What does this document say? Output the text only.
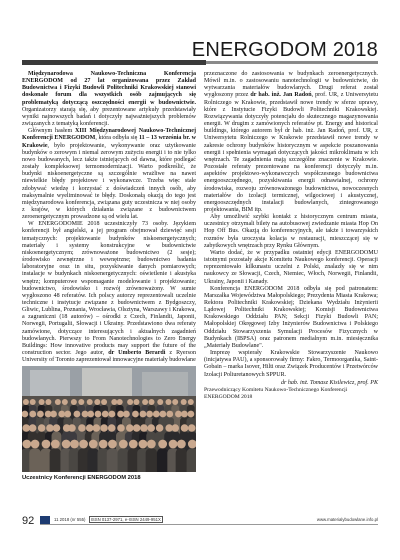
ENERGODOM 2018

Międzynarodowa Naukowo-Techniczna Konferencja ENERGODOM od 27 lat organizowana przez Zakład Budownictwa i Fizyki Budowli Politechniki Krakowskiej stanowi doskonałe forum dla wszystkich osób zajmujących się problematyką dotyczącą oszczędności energii w budownictwie. Organizatorzy starają się, aby prezentowane artykuły przedstawiały wyniki najnowszych badań i dotyczyły najważniejszych problemów związanych z tematyką konferencji.

Głównym hasłem XIII Międzynarodowej Naukowo-Technicznej Konferencji ENERGODOM, która odbyła się 11 – 13 września br. w Krakowie, było projektowanie, wykonywanie oraz użytkowanie budynków o zerowym i niemal zerowym zużyciu energii i to nie tylko nowo budowanych, lecz także istniejących od dawna, które podlegać zostały kompleksowej termomodernizacji. Warto podkreślić, że budynki niskoenergetyczne są szczególnie wrażliwe na nawet niewielkie błędy projektowe i wykonawcze. Trzeba więc stale zdobywać wiedzę i korzystać z doświadczeń innych osób, aby maksymalnie wyeliminować te błędy. Doskonałą okazją do tego jest międzynarodowa konferencja, związana guty uczestnicza w niej osoby z krajów, w których działania związane z budownictwem zeroenergetycznym prowadzone są od wielu lat.

W ENERGODOMIE 2018 uczestniczyły 73 osoby. Językiem konferencji był angielski, a jej program obejmował dziewięć sesji tematycznych: projektowanie budynków niskoenergetycznych; materiały i systemy konstrukcyjne w budownictwie niskoenergetycznym; zrównoważone budownictwo (2 sesje); środowisko zewnętrzne i wewnętrzne; budownictwo badania laboratoryjne oraz in situ, pozyskiwanie danych pomiarowych; instalacje w budynkach niskoenergetycznych: oświetlenie i akustyka wnętrz; komputerowe wspomaganie modelowanie i projektowanie; budownictwo, środowisko i rozwój zrównoważony. W sumie wygłoszono 48 referatów. Ich polscy autorzy reprezentowali uczelnie techniczne i instytucje związane z budownictwem z Bydgoszczy, Gliwic, Lublina, Poznania, Wrocławia, Olsztyna, Warszawy i Krakowa, a zagraniczni (18 autorów) – ośrodki z Czech, Finlandii, Japonii, Norwegii, Portugalii, Słowacji i Ukrainy. Przedstawiono dwa referaty zamówione, dotyczące interesujących i aktualnych zagadnień budowlanych. Pierwszy to From Nanotechnologies to Zero Energy Buildings: How innovative products may support the future of the construction sector. Jego autor, dr Umberto Berardi z Ryerson University of Toronto zaprezentował innowacyjne materiały budowlane

Uczestnicy Konferencji ENERGODOM 2018

przeznaczone do zastosowania w budynkach zeroenergetycznych. Mówił m.in. o zastosowaniu nanotechnologii w budownictwie, do wytwarzania materiałów budowlanych. Drugi referat został wygłoszony przez dr hab. inż. Jan Radoń, prof. UR, z Uniwersytetu Rolniczego w Krakowie, przedstawił nowe trendy w sferze uprawy, które z Instytucie Fizyki Budowli Politechniki Krakowskiej. Rozwiązywania dotyczyły potencjału do skutecznego magazynowania energii. W drugim z zamówionych referatów pt. Energy and historical buildings, którego autorem był dr hab. inż. Jan Radoń, prof. UR, z Uniwersytetu Rolniczego w Krakowie przedstawił nowe trendy w zakresie ochrony budynków historycznym w aspekcie poszanowania energii i spełnienia wymagań dotyczących jakości mikroklimatu w ich wnętrzach. Te zagadnienia mają szczególne znaczenie w Krakowie. Pozostałe referaty prezentowane na konferencji dotyczyły m.in. aspektów projektowo-wykonawczych współczesnego budownictwa energooszczędnego, pozyskiwania energii odnawialnej, ochrony środowiska, rozwoju zrównoważonego budownictwa, nowoczesnych materiałów do izolacji termicznej, wilgociowej i akustycznej, energooszczędnych instalacji budowlanych, zintegrowanego projektowania, BIM itp.

Aby umożliwić szybki kontakt z historycznym centrum miasta, uczestnicy otrzymali bilety na autobusowej zwiedzanie miasta Hop On Hop Off Bus. Okazją do konferencyjnych, ale także i towarzyskich rozmów była uroczysta kolacja w restauracji, mieszczącej się w zabytkowych wnętrzach przy Rynku Głównym.

Warto dodać, że w przypadku ostatniej edycji ENERGODOMU istotnymi pozostały akcje Komitetu Naukowego konferencji. Operacji reprezentowało kilkunastu uczelni z Polski, znalazły się w nim naukowcy ze Słowacji, Czech, Niemiec, Włoch, Norwegii, Finlandii, Ukrainy, Japonii i Kanady.

Konferencja ENERGODOM 2018 odbyła się pod patronatem: Marszałka Województwa Małopolskiego; Prezydenta Miasta Krakowa; Rektora Politechniki Krakowskiej; Dziekana Wydziału Inżynierii Lądowej Politechniki Krakowskiej; Komisji Budownictwa Krakowskiego Oddziału PAN; Sekcji Fizyki Budowli PAN; Małopolskiej Okręgowej Izby Inżynierów Budownictwa i Polskiego Oddziału Stowarzyszenia Symulacji Procesów Fizycznych w Budynkach (IBPSA) oraz patronem medialnym m.in. miesięcznika „Materiały Budowlane".

Imprezę wspierały Krakowskie Stowarzyszenie Naukowo (inicjatywa PAU), a sponsorowały firmy: Fakro, Termoorganika, Saint-Gobain – marka Isover, Hilti oraz Związek Producentów i Przetwórców Izolacji Poliuretanowych SPPUR.

dr hab. inż. Tomasz Kisilewicz, prof. PK
Przewodniczący Komitetu Naukowo-Technicznego Konferencji ENERGODOM 2018
92	11 2018 (nr 555) ISSN 0137-2971, e-ISSN 2449-951X	www.materialybudowlane.info.pl
